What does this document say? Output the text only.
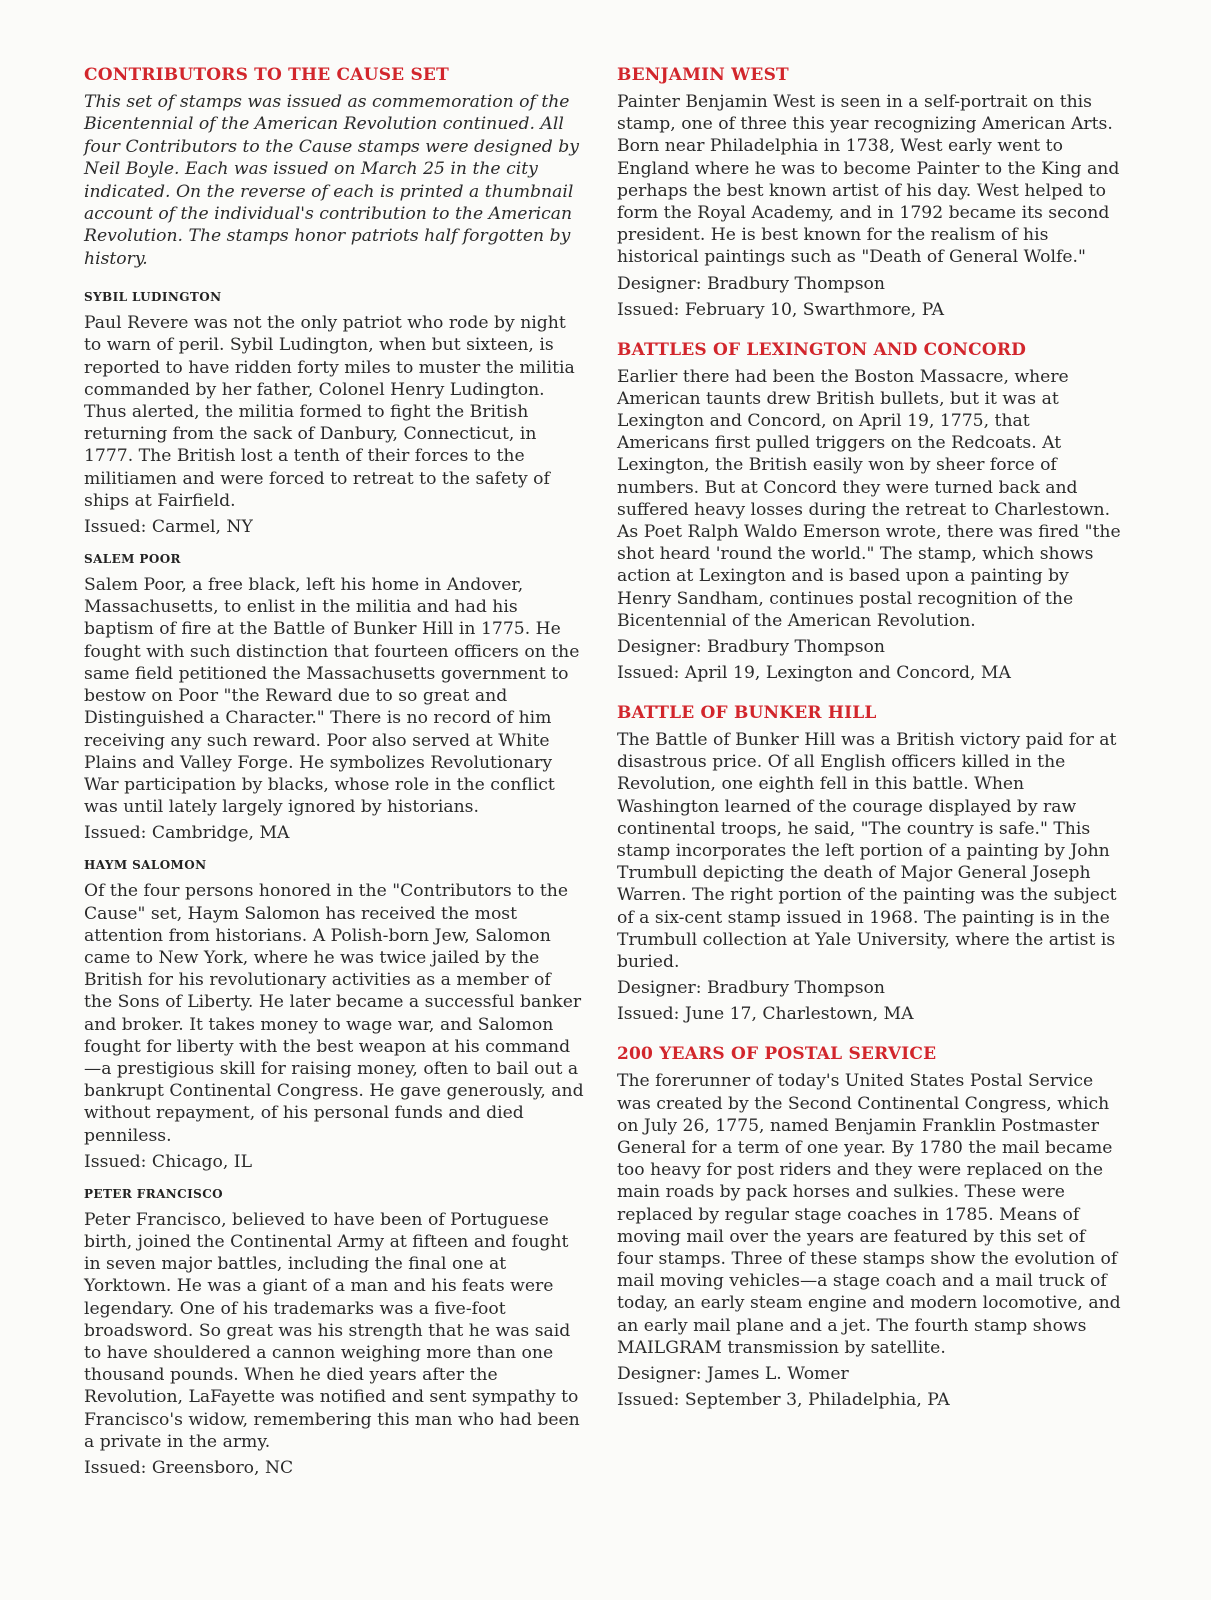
CONTRIBUTORS TO THE CAUSE SET

This set of stamps was issued as commemoration of the Bicentennial of the American Revolution continued. All four Contributors to the Cause stamps were designed by Neil Boyle. Each was issued on March 25 in the city indicated. On the reverse of each is printed a thumbnail account of the individual's contribution to the American Revolution. The stamps honor patriots half forgotten by history.

SYBIL LUDINGTON

Paul Revere was not the only patriot who rode by night to warn of peril. Sybil Ludington, when but sixteen, is reported to have ridden forty miles to muster the militia commanded by her father, Colonel Henry Ludington. Thus alerted, the militia formed to fight the British returning from the sack of Danbury, Connecticut, in 1777. The British lost a tenth of their forces to the militiamen and were forced to retreat to the safety of ships at Fairfield.

Issued: Carmel, NY

SALEM POOR

Salem Poor, a free black, left his home in Andover, Massachusetts, to enlist in the militia and had his baptism of fire at the Battle of Bunker Hill in 1775. He fought with such distinction that fourteen officers on the same field petitioned the Massachusetts government to bestow on Poor "the Reward due to so great and Distinguished a Character." There is no record of him receiving any such reward. Poor also served at White Plains and Valley Forge. He symbolizes Revolutionary War participation by blacks, whose role in the conflict was until lately largely ignored by historians.

Issued: Cambridge, MA

HAYM SALOMON

Of the four persons honored in the "Contributors to the Cause" set, Haym Salomon has received the most attention from historians. A Polish-born Jew, Salomon came to New York, where he was twice jailed by the British for his revolutionary activities as a member of the Sons of Liberty. He later became a successful banker and broker. It takes money to wage war, and Salomon fought for liberty with the best weapon at his command—a prestigious skill for raising money, often to bail out a bankrupt Continental Congress. He gave generously, and without repayment, of his personal funds and died penniless.

Issued: Chicago, IL

PETER FRANCISCO

Peter Francisco, believed to have been of Portuguese birth, joined the Continental Army at fifteen and fought in seven major battles, including the final one at Yorktown. He was a giant of a man and his feats were legendary. One of his trademarks was a five-foot broadsword. So great was his strength that he was said to have shouldered a cannon weighing more than one thousand pounds. When he died years after the Revolution, LaFayette was notified and sent sympathy to Francisco's widow, remembering this man who had been a private in the army.

Issued: Greensboro, NC

BENJAMIN WEST

Painter Benjamin West is seen in a self-portrait on this stamp, one of three this year recognizing American Arts. Born near Philadelphia in 1738, West early went to England where he was to become Painter to the King and perhaps the best known artist of his day. West helped to form the Royal Academy, and in 1792 became its second president. He is best known for the realism of his historical paintings such as "Death of General Wolfe."

Designer: Bradbury Thompson

Issued: February 10, Swarthmore, PA

BATTLES OF LEXINGTON AND CONCORD

Earlier there had been the Boston Massacre, where American taunts drew British bullets, but it was at Lexington and Concord, on April 19, 1775, that Americans first pulled triggers on the Redcoats. At Lexington, the British easily won by sheer force of numbers. But at Concord they were turned back and suffered heavy losses during the retreat to Charlestown. As Poet Ralph Waldo Emerson wrote, there was fired "the shot heard 'round the world." The stamp, which shows action at Lexington and is based upon a painting by Henry Sandham, continues postal recognition of the Bicentennial of the American Revolution.

Designer: Bradbury Thompson

Issued: April 19, Lexington and Concord, MA

BATTLE OF BUNKER HILL

The Battle of Bunker Hill was a British victory paid for at disastrous price. Of all English officers killed in the Revolution, one eighth fell in this battle. When Washington learned of the courage displayed by raw continental troops, he said, "The country is safe." This stamp incorporates the left portion of a painting by John Trumbull depicting the death of Major General Joseph Warren. The right portion of the painting was the subject of a six-cent stamp issued in 1968. The painting is in the Trumbull collection at Yale University, where the artist is buried.

Designer: Bradbury Thompson

Issued: June 17, Charlestown, MA

200 YEARS OF POSTAL SERVICE

The forerunner of today's United States Postal Service was created by the Second Continental Congress, which on July 26, 1775, named Benjamin Franklin Postmaster General for a term of one year. By 1780 the mail became too heavy for post riders and they were replaced on the main roads by pack horses and sulkies. These were replaced by regular stage coaches in 1785. Means of moving mail over the years are featured by this set of four stamps. Three of these stamps show the evolution of mail moving vehicles—a stage coach and a mail truck of today, an early steam engine and modern locomotive, and an early mail plane and a jet. The fourth stamp shows MAILGRAM transmission by satellite.

Designer: James L. Womer

Issued: September 3, Philadelphia, PA
